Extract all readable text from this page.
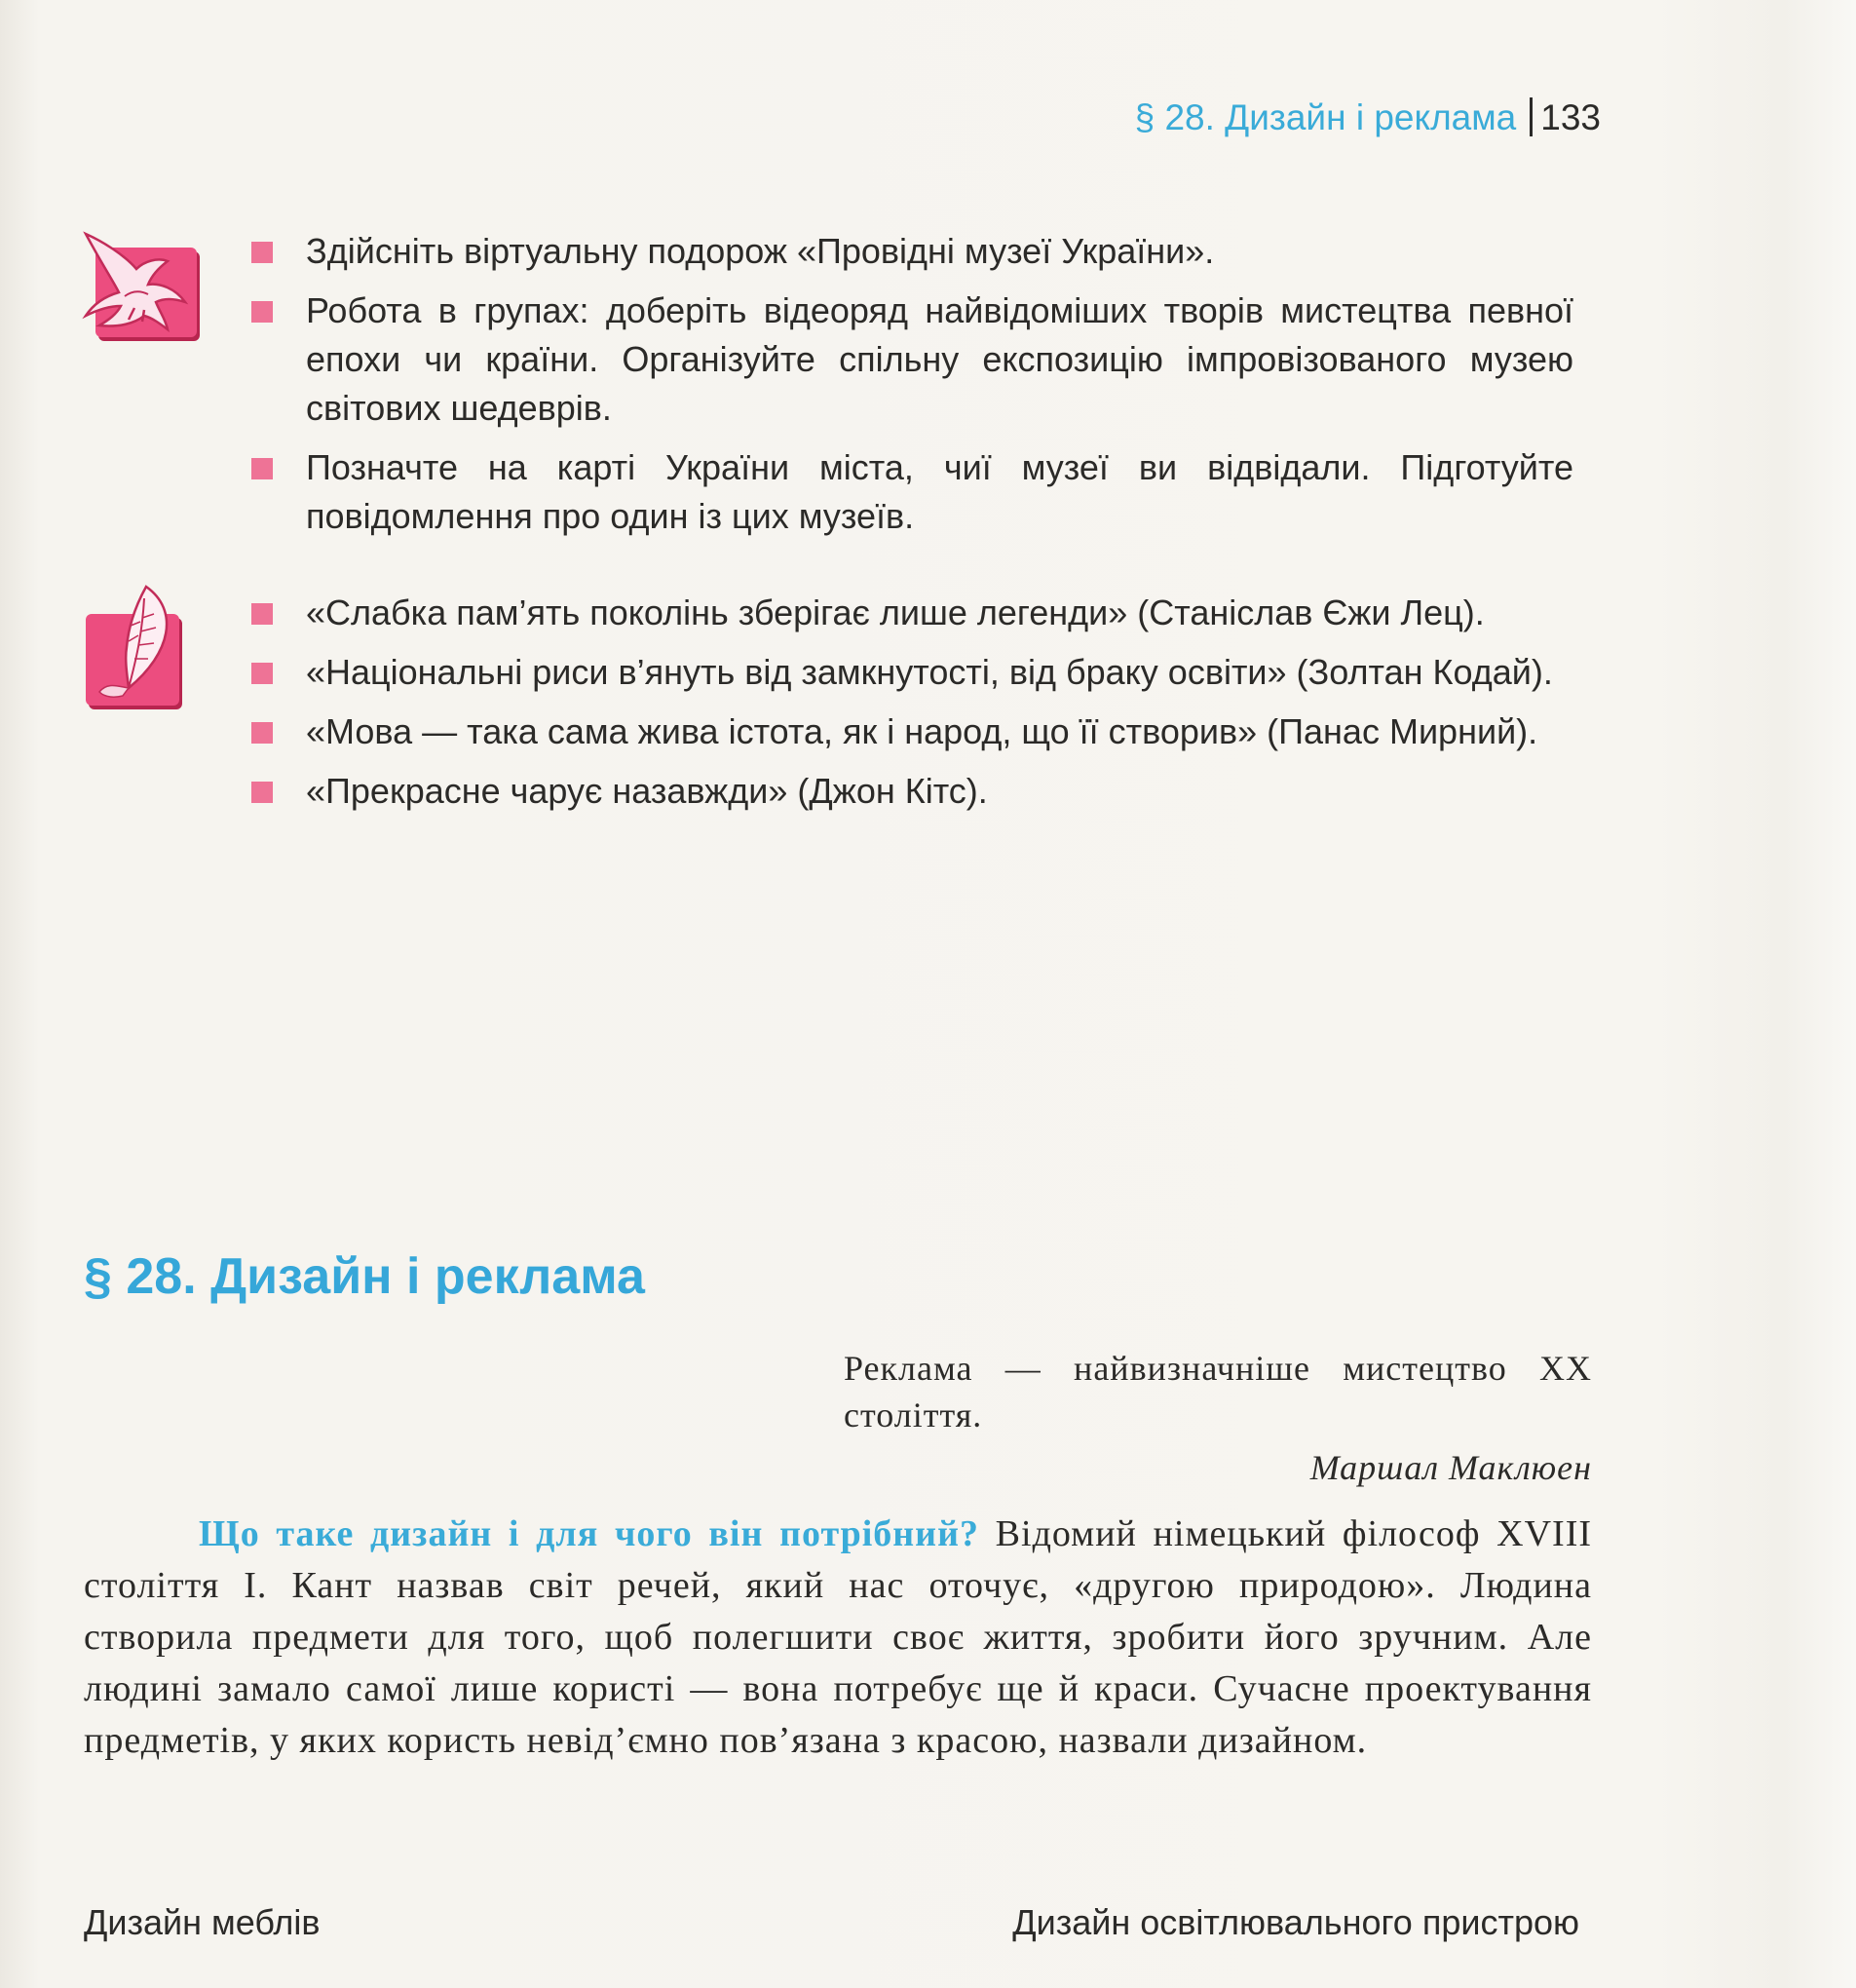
§ 28. Дизайн і реклама 133
Здійсніть віртуальну подорож «Провідні музеї України».
Робота в групах: доберіть відеоряд найвідоміших творів мистецтва певної епохи чи країни. Організуйте спільну експозицію імпровізованого музею світових шедеврів.
Позначте на карті України міста, чиї музеї ви відвідали. Підготуйте повідомлення про один із цих музеїв.
«Слабка пам’ять поколінь зберігає лише легенди» (Станіслав Єжи Лец).
«Національні риси в’януть від замкнутості, від браку освіти» (Золтан Кодай).
«Мова — така сама жива істота, як і народ, що її створив» (Панас Мирний).
«Прекрасне чарує назавжди» (Джон Кітс).
§ 28. Дизайн і реклама
Реклама — найвизначніше мистецтво XX століття.
Маршал Маклюен

Що таке дизайн і для чого він потрібний? Відомий німецький філософ XVIII століття І. Кант назвав світ речей, який нас оточує, «другою природою». Людина створила предмети для того, щоб полегшити своє життя, зробити його зручним. Але людині замало самої лише користі — вона потребує ще й краси. Сучасне проектування предметів, у яких користь невід’ємно пов’язана з красою, назвали дизайном.

Дизайн меблів	Дизайн освітлювального пристрою
